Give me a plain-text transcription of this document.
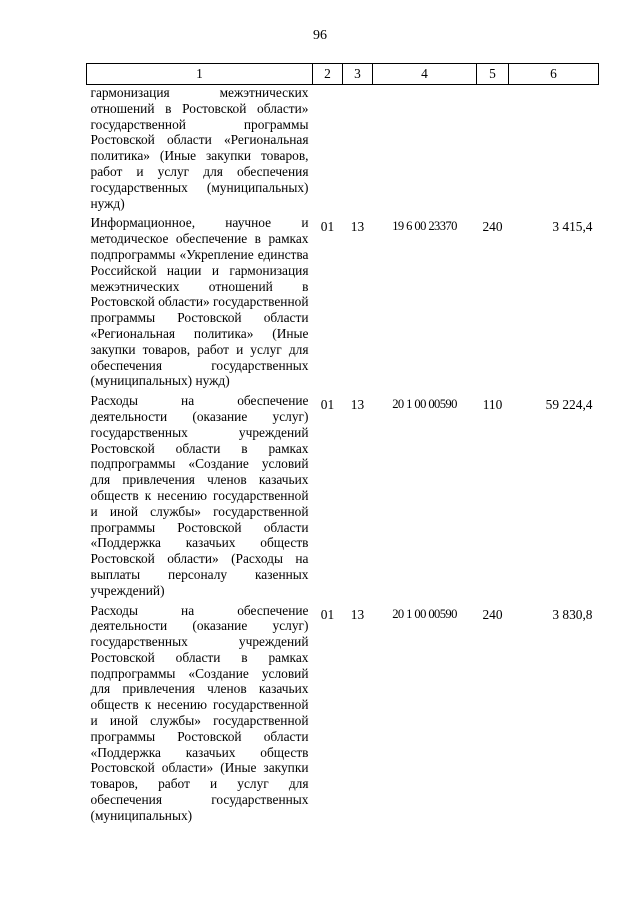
96
1	2	3	4	5	6
гармонизация межэтнических отношений в Ростовской области» государственной программы Ростовской области «Региональная политика» (Иные закупки товаров, работ и услуг для обеспечения государственных (муниципальных) нужд)					
Информационное, научное и методическое обеспечение в рамках подпрограммы «Укрепление единства Российской нации и гармонизация межэтнических отношений в Ростовской области» государственной программы Ростовской области «Региональная политика» (Иные закупки товаров, работ и услуг для обеспечения государственных (муниципальных) нужд)	01	13	19 6 00 23370	240	3 415,4
Расходы на обеспечение деятельности (оказание услуг) государственных учреждений Ростовской области в рамках подпрограммы «Создание условий для привлечения членов казачьих обществ к несению государственной и иной службы» государственной программы Ростовской области «Поддержка казачьих обществ Ростовской области» (Расходы на выплаты персоналу казенных учреждений)	01	13	20 1 00 00590	110	59 224,4
Расходы на обеспечение деятельности (оказание услуг) государственных учреждений Ростовской области в рамках подпрограммы «Создание условий для привлечения членов казачьих обществ к несению государственной и иной службы» государственной программы Ростовской области «Поддержка казачьих обществ Ростовской области» (Иные закупки товаров, работ и услуг для обеспечения государственных (муниципальных)	01	13	20 1 00 00590	240	3 830,8
